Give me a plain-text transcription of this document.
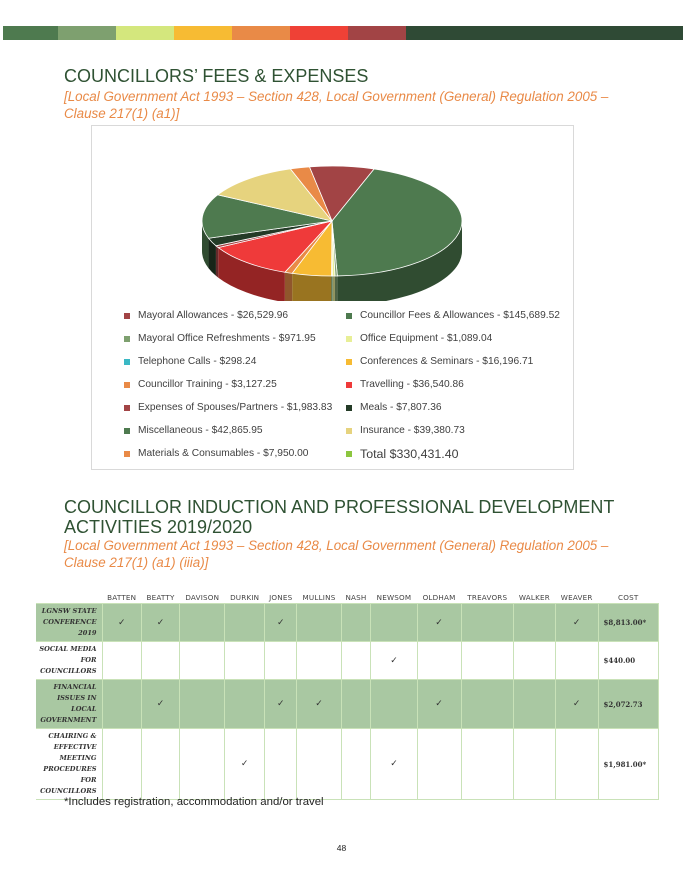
COUNCILLORS’ FEES & EXPENSES

[Local Government Act 1993 – Section 428, Local Government (General) Regulation 2005 – Clause 217(1) (a1)]

Mayoral Allowances - $26,529.96	Councillor Fees & Allowances - $145,689.52
Mayoral Office Refreshments - $971.95	Office Equipment - $1,089.04
Telephone Calls - $298.24	Conferences & Seminars - $16,196.71
Councillor Training - $3,127.25	Travelling - $36,540.86
Expenses of Spouses/Partners - $1,983.83	Meals - $7,807.36
Miscellaneous - $42,865.95	Insurance - $39,380.73
Materials & Consumables - $7,950.00	Total $330,431.40
COUNCILLOR INDUCTION AND PROFESSIONAL DEVELOPMENT
ACTIVITIES 2019/2020

[Local Government Act 1993 – Section 428, Local Government (General) Regulation 2005 – Clause 217(1) (a1) (iiia)]

	BATTEN	BEATTY	DAVISON	DURKIN	JONES	MULLINS	NASH	NEWSOM	OLDHAM	TREAVORS	WALKER	WEAVER	COST
LGNSW STATE CONFERENCE 2019	✓	✓			✓				✓			✓	$8,813.00*
SOCIAL MEDIA FOR COUNCILLORS								✓					$440.00
FINANCIAL ISSUES IN LOCAL GOVERNMENT		✓			✓	✓			✓			✓	$2,072.73
CHAIRING & EFFECTIVE MEETING PROCEDURES FOR COUNCILLORS				✓				✓					$1,981.00*

*Includes registration, accommodation and/or travel

48
